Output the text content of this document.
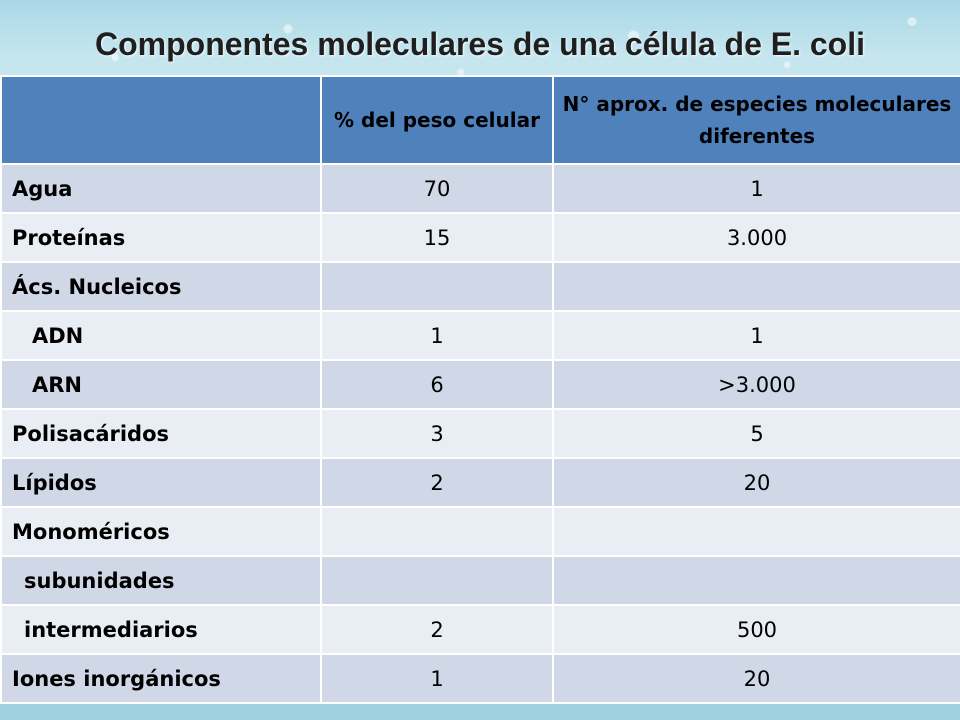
Componentes moleculares de una célula de E. coli
	% del peso celular	N° aprox. de especies moleculares diferentes
Agua	70	1
Proteínas	15	3.000
Ács. Nucleicos		
ADN	1	1
ARN	6	>3.000
Polisacáridos	3	5
Lípidos	2	20
Monoméricos		
subunidades		
intermediarios	2	500
Iones inorgánicos	1	20
